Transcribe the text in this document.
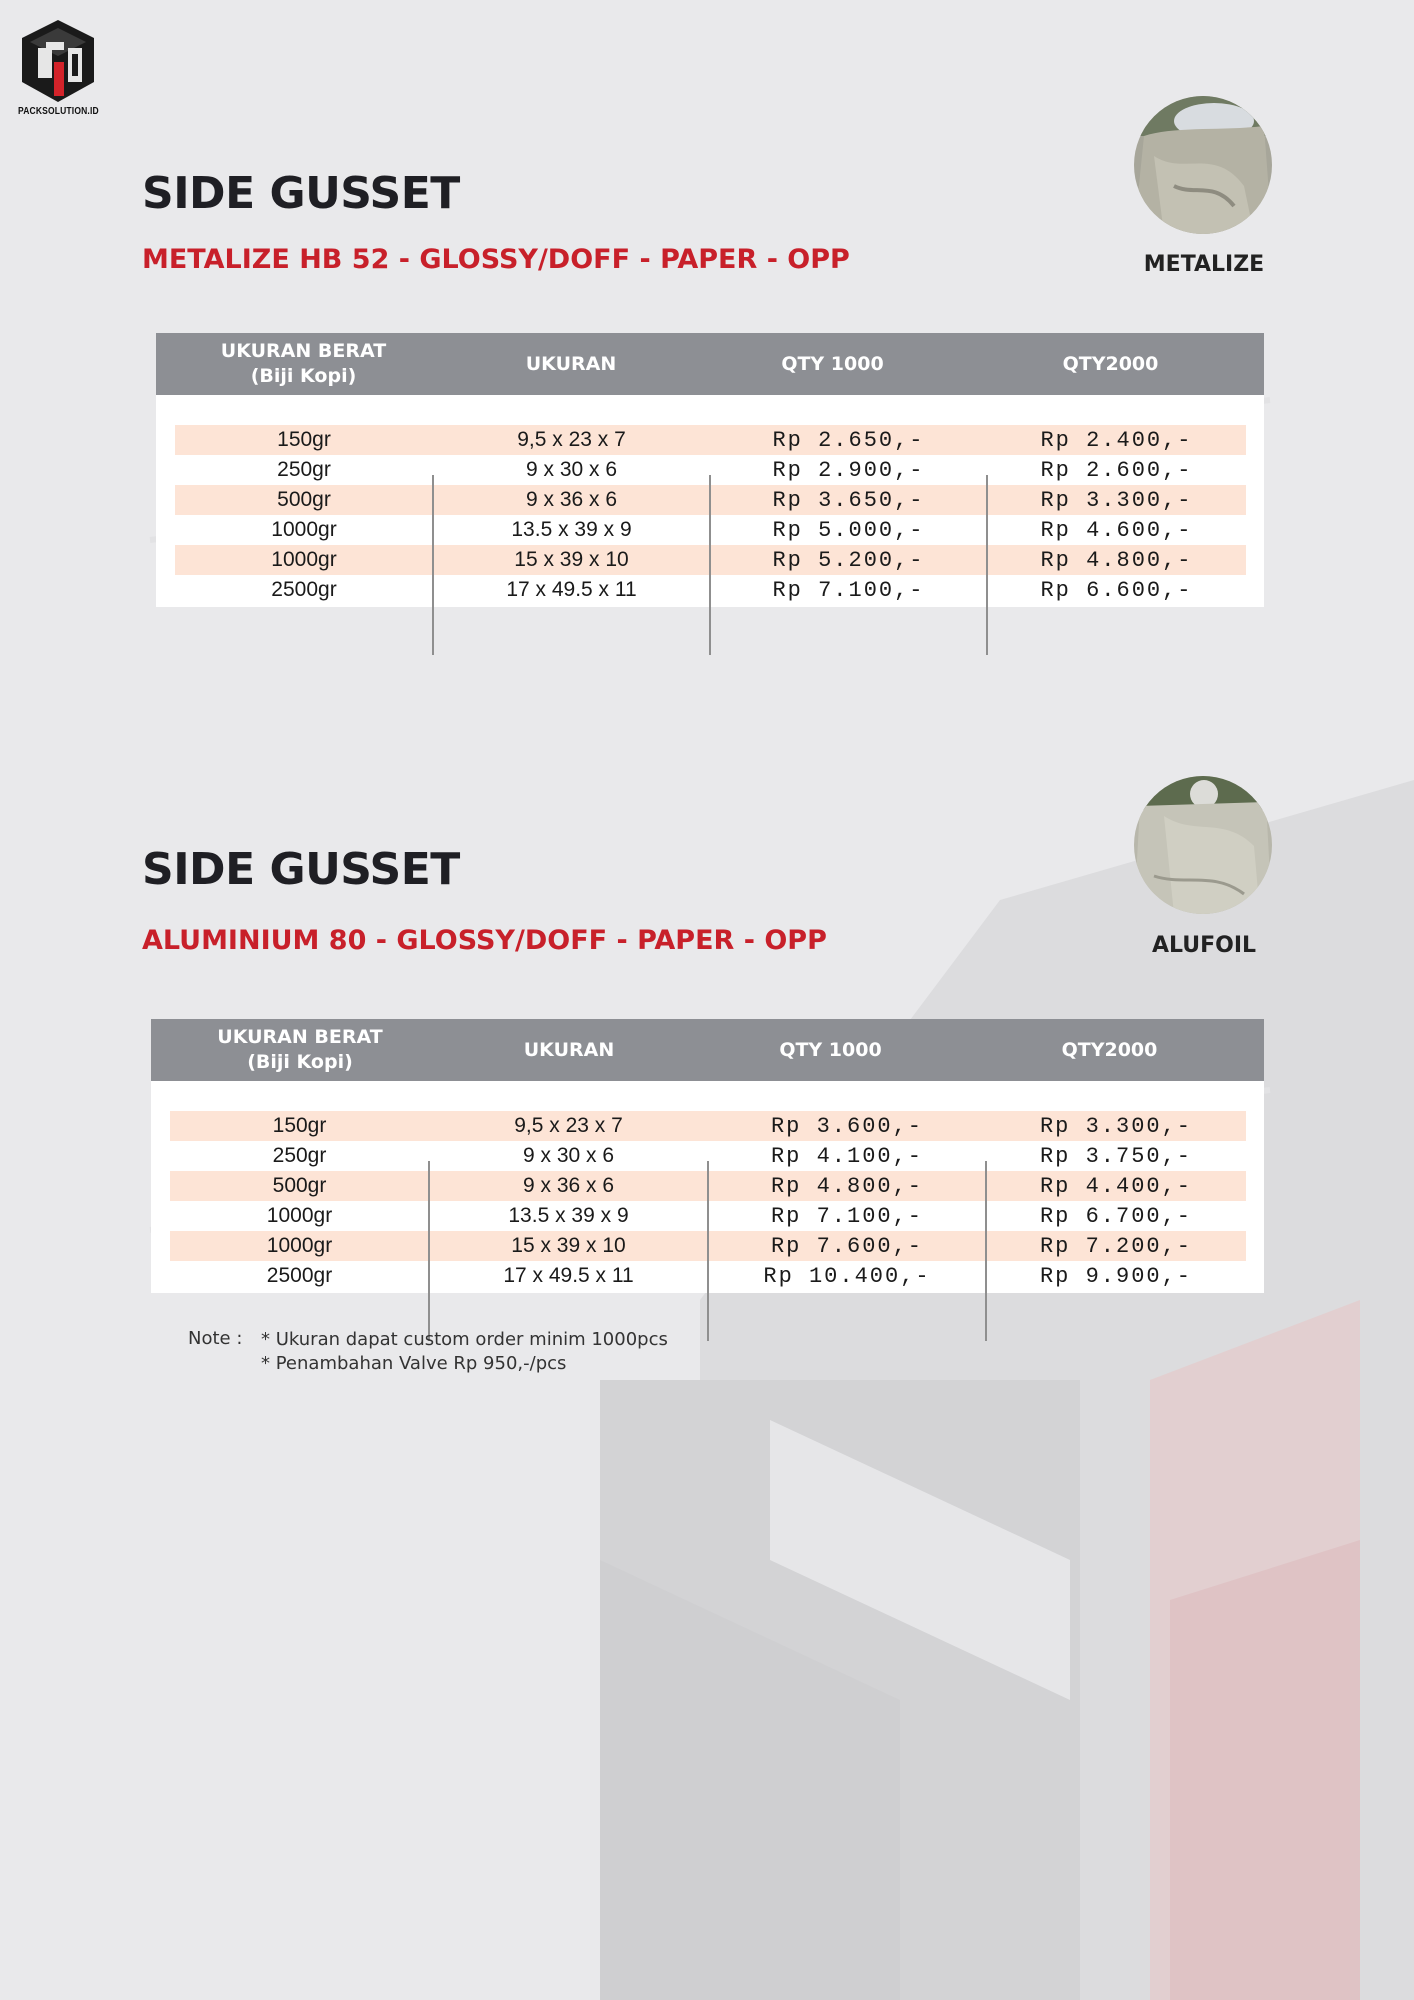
PACKSOLUTION.ID
SIDE GUSSET
METALIZE HB 52 - GLOSSY/DOFF - PAPER - OPP	METALIZE
UKURAN BERAT
(Biji Kopi)
UKURAN	QTY 1000	QTY2000
150gr	9,5 x 23 x 7	Rp 2.650,-	Rp 2.400,-
250gr	9 x 30 x 6	Rp 2.900,-	Rp 2.600,-
500gr	9 x 36 x 6	Rp 3.650,-	Rp 3.300,-
1000gr	13.5 x 39 x 9	Rp 5.000,-	Rp 4.600,-
1000gr	15 x 39 x 10	Rp 5.200,-	Rp 4.800,-
2500gr	17 x 49.5 x 11	Rp 7.100,-	Rp 6.600,-
SIDE GUSSET
ALUMINIUM 80 - GLOSSY/DOFF - PAPER - OPP	ALUFOIL
UKURAN BERAT
(Biji Kopi)
UKURAN	QTY 1000	QTY2000
150gr	9,5 x 23 x 7	Rp 3.600,-	Rp 3.300,-
250gr	9 x 30 x 6	Rp 4.100,-	Rp 3.750,-
500gr	9 x 36 x 6	Rp 4.800,-	Rp 4.400,-
1000gr	13.5 x 39 x 9	Rp 7.100,-	Rp 6.700,-
1000gr	15 x 39 x 10	Rp 7.600,-	Rp 7.200,-
2500gr	17 x 49.5 x 11	Rp 10.400,-	Rp 9.900,-
Note :	* Ukuran dapat custom order minim 1000pcs
* Penambahan Valve Rp 950,-/pcs
